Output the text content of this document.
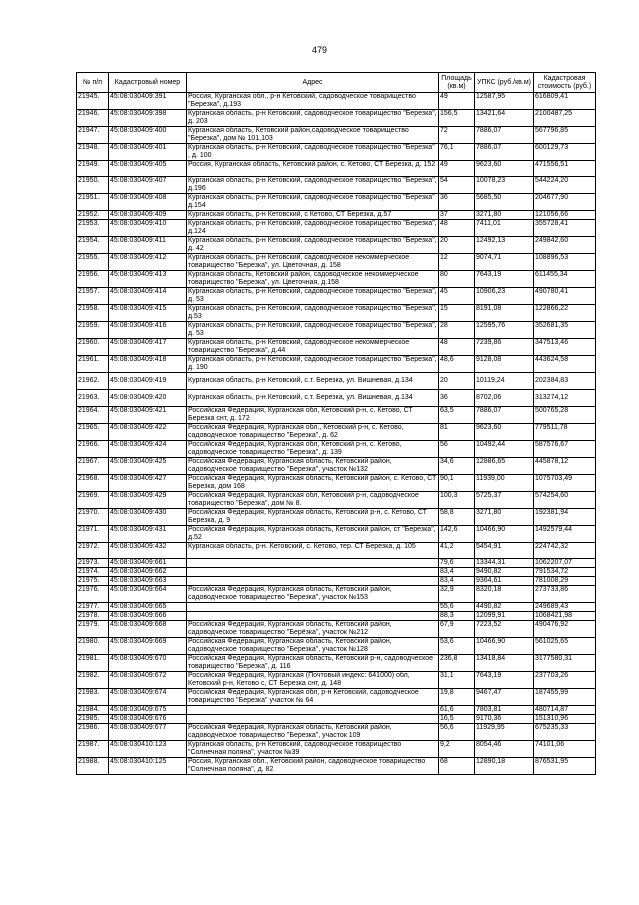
479
№ п/п	Кадастровый номер	Адрес	Площадь (кв.м)	УПКС (руб./кв.м)	Кадастровая стоимость (руб.)
21945.	45:08:030409:391	Россия, Курганская обл., р-н Кетовский, садоводческое товарищество "Березка", д.193	49	12587,95	616809,41
21946.	45:08:030409:398	Курганская область, р-н Кетовский, садоводческое товарищество "Березка", д. 203	156,5	13421,64	2100487,25
21947.	45:08:030409:400	Курганская область, Кетовский район,садоводческое товарищество "Березка", дом № 101,103	72	7886,07	567796,85
21948.	45:08:030409:401	Курганская область, р-н Кетовский, садоводческое товарищество "Березка" , д. 100	76,1	7886,07	600129,73
21949.	45:08:030409:405	Россия, Курганская область, Кетовский район, с. Кетово, СТ Березка, д. 152	49	9623,60	471556,51
21950.	45:08:030409:407	Курганская область, р-н Кетовский, садоводческое товарищество "Березка", д.196	54	10078,23	544224,20
21951.	45:08:030409:408	Курганская область, р-н Кетовский, садоводческое товарищество "Березка" д.154	36	5685,50	204677,90
21952.	45:08:030409:409	Курганская область, р-н Кетовский, с Кетово, СТ Березка, д.57	37	3271,80	121056,66
21953.	45:08:030409:410	Курганская область, р-н Кетовский, садоводческое товарищество "Березка", д.124	48	7411,01	355728,41
21954.	45:08:030409:411	Курганская область, р-н Кетовский, садоводческое товарищество "Березка", д. 42	20	12492,13	249842,60
21955.	45:08:030409:412	Курганская область, р-н Кетовский, садоводческое некоммерческое товарищество "Березка", ул. Цветочная, д. 158	12	9074,71	108896,53
21956.	45:08:030409:413	Курганская область, Кетовский район, садоводческое некоммерческое товарищество "Березка", ул. Цветочная, д.158	80	7643,19	611455,34
21957.	45:08:030409:414	Курганская область, р-н Кетовский, садоводческое товарищество "Березка", д. 53	45	10906,23	490780,41
21958.	45:08:030409:415	Курганская область, р-н Кетовский, садоводческое товарищество "Березка", д.53	15	8191,08	122866,22
21959.	45:08:030409:416	Курганская область, р-н Кетовский, садоводческое товарищество "Березка", д. 53	28	12595,76	352681,35
21960.	45:08:030409:417	Курганская область, р-н Кетовский, садоводческое некоммерческое товарищество "Березка", д.44	48	7239,86	347513,46
21961.	45:08:030409:418	Курганская область, р-н Кетовский, садоводческое товарищество "Березка", д. 190	48,6	9128,08	443624,58
21962.	45:08:030409:419	Курганская область, р-н Кетовский, с.т. Березка, ул. Вишневая, д.134	20	10119,24	202384,83
21963.	45:08:030409:420	Курганская область, р-н Кетовский, с.т. Березка, ул. Вишневая, д.134	36	8702,06	313274,12
21964.	45:08:030409:421	Российская Федерация, Курганская обл, Кетовский р-н, с. Кетово, СТ Березка снт, д. 172	63,5	7886,07	500765,28
21965.	45:08:030409:422	Российская Федерация, Курганская обл., Кетовский р-н, с. Кетово, садоводческое товарищество "Березка", д. 62	81	9623,60	779511,78
21966.	45:08:030409:424	Российская Федерация, Курганская обл, Кетовский р-н, с. Кетово, садоводческое товарищество "Березка", д. 139	56	10492,44	587576,67
21967.	45:08:030409:425	Российская Федерация, Курганская область, Кетовский район, садоводческое товарищество "Березка", участок №132	34,6	12886,65	445878,12
21968.	45:08:030409:427	Российская Федерация, Курганская область, Кетовский район, с. Кетово, СТ Березка, дом 168	90,1	11939,00	1075703,49
21969.	45:08:030409:429	Российская Федерация, Курганская обл, Кетовский р-н, садоводческое товарищество "Березка", дом № 8.	100,3	5725,37	574254,60
21970.	45:08:030409:430	Российская Федерация, Курганская область, Кетовский р-н, с. Кетово, СТ Березка, д. 9	58,8	3271,80	192381,94
21971.	45:08:030409:431	Российская Федерация, Курганская область, Кетовский район, ст "Березка", д.52	142,6	10466,90	1492579,44
21972.	45:08:030409:432	Курганская область, р-н. Кетовский, с. Кетово, тер. СТ Березка, д. 105	41,2	5454,91	224742,32
21973.	45:08:030409:661		79,6	13344,31	1062207,07
21974.	45:08:030409:662		83,4	9490,82	791534,72
21975.	45:08:030409:663		83,4	9364,61	781008,29
21976.	45:08:030409:664	Российская Федерация, Курганская область, Кетовский район, садоводческое товарищество "Березка", участок №153	32,9	8320,18	273733,86
21977.	45:08:030409:665		55,6	4490,82	249689,43
21978.	45:08:030409:666		88,3	12099,91	1068421,98
21979.	45:08:030409:668	Российская Федерация, Курганская область, Кетовский район, садоводческое товарищество "Берёзка", участок №212	67,9	7223,52	490476,92
21980.	45:08:030409:669	Российская Федерация, Курганская область, Кетовский район, садоводческое товарищество "Березка", участок №128	53,6	10466,90	561025,65
21981.	45:08:030409:670	Российская Федерация, Курганская область, Кетовский р-н, садоводческое товарищество "Березка", д. 116	236,8	13418,84	3177580,31
21982.	45:08:030409:672	Российская Федерация, Курганская (Почтовый индекс: 641000) обл, Кетовский р-н, Кетово с, СТ Березка снт, д. 148	31,1	7643,19	237703,26
21983.	45:08:030409:674	Российская Федерация, Курганская обл, р-н Кетовский, садоводческое товарищество "Березка" участок № 64	19,8	9467,47	187455,99
21984.	45:08:030409:675		61,6	7803,81	480714,87
21985.	45:08:030409:676		16,5	9170,36	151310,96
21986.	45:08:030409:677	Российская Федерация, Курганская область, Кетовский район, садоводческое товарищество "Березка", участок 109	56,6	11929,95	675235,33
21987.	45:08:030410:123	Курганская область, р-н Кетовский, садоводческое товарищество "Солнечная поляна", участок №39	9,2	8054,46	74101,06
21988.	45:08:030410:125	Россия, Курганская обл., Кетовский район, садоводческое товарищество "Солнечная поляна", д. 82	68	12890,18	876531,95
